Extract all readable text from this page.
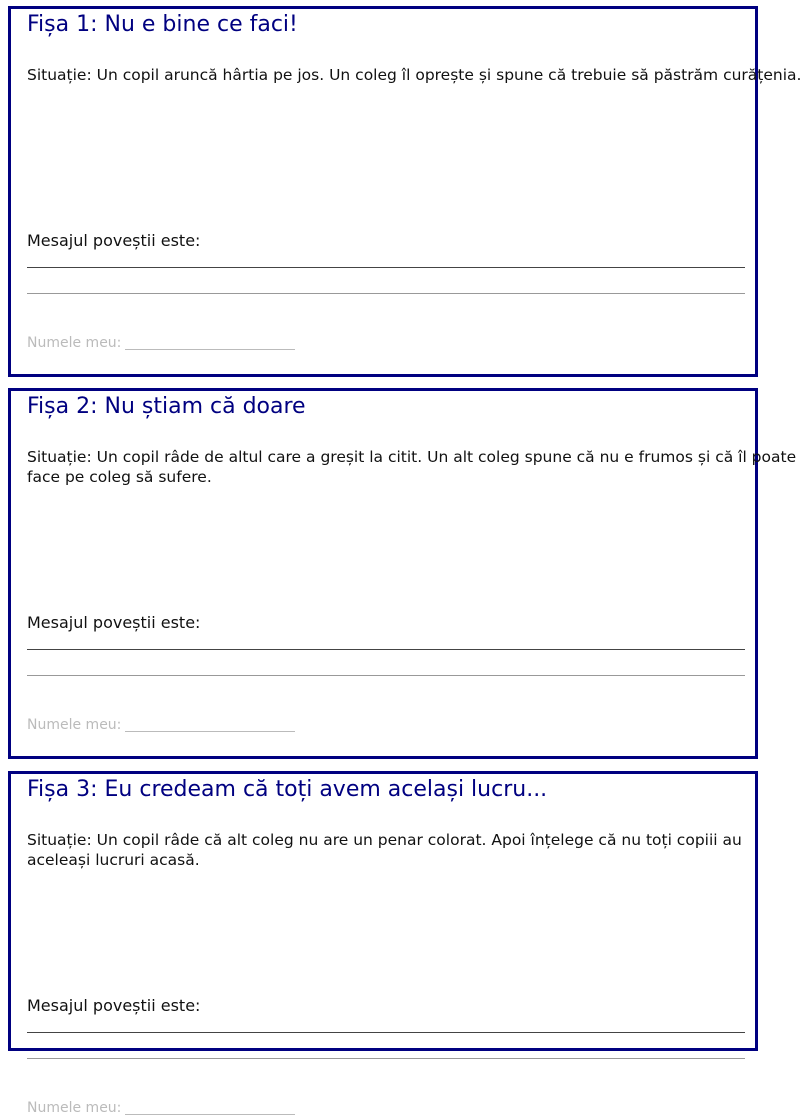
Fișa 1: Nu e bine ce faci!

Situație: Un copil aruncă hârtia pe jos. Un coleg îl oprește și spune că trebuie să păstrăm curățenia.

Mesajul poveștii este:
Numele meu:
Fișa 2: Nu știam că doare

Situație: Un copil râde de altul care a greșit la citit. Un alt coleg spune că nu e frumos și că îl poate face pe coleg să sufere.

Mesajul poveștii este:
Numele meu:
Fișa 3: Eu credeam că toți avem același lucru...

Situație: Un copil râde că alt coleg nu are un penar colorat. Apoi înțelege că nu toți copiii au aceleași lucruri acasă.

Mesajul poveștii este:
Numele meu:
